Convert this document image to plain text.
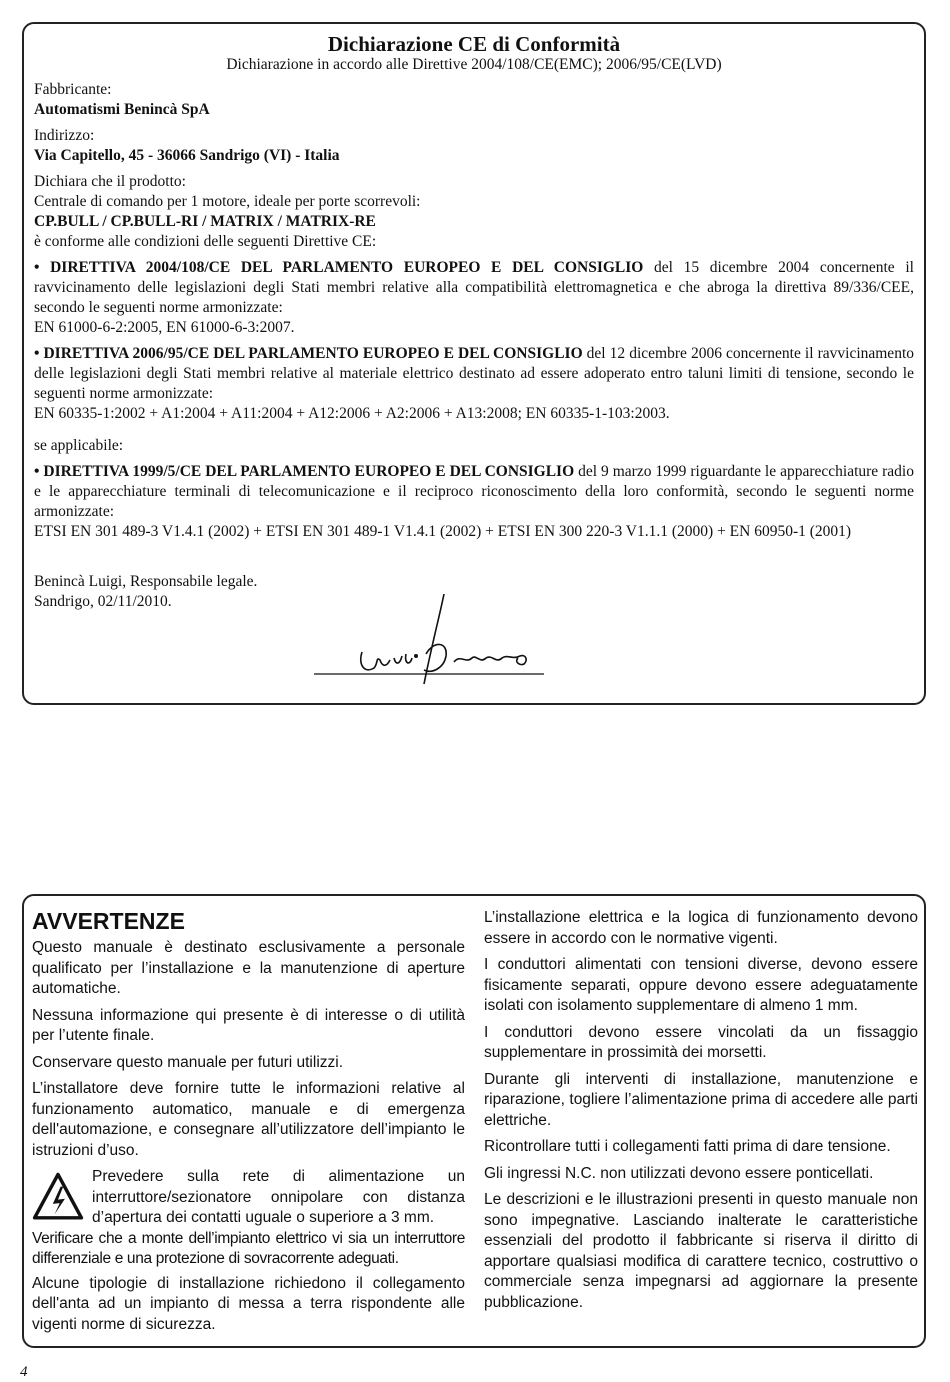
Dichiarazione CE di Conformità
Dichiarazione in accordo alle Direttive 2004/108/CE(EMC); 2006/95/CE(LVD)

Fabbricante:

Automatismi Benincà SpA

Indirizzo:

Via Capitello, 45 - 36066 Sandrigo (VI) - Italia

Dichiara che il prodotto:

Centrale di comando per 1 motore, ideale per porte scorrevoli:

CP.BULL / CP.BULL-RI / MATRIX / MATRIX-RE

è conforme alle condizioni delle seguenti Direttive CE:

• DIRETTIVA 2004/108/CE DEL PARLAMENTO EUROPEO E DEL CONSIGLIO del 15 dicembre 2004 concernente il ravvicinamento delle legislazioni degli Stati membri relative alla compatibilità elettromagnetica e che abroga la direttiva 89/336/CEE, secondo le seguenti norme armonizzate:

EN 61000-6-2:2005, EN 61000-6-3:2007.

• DIRETTIVA 2006/95/CE DEL PARLAMENTO EUROPEO E DEL CONSIGLIO del 12 dicembre 2006 concernente il ravvicinamento delle legislazioni degli Stati membri relative al materiale elettrico destinato ad essere adoperato entro taluni limiti di tensione, secondo le seguenti norme armonizzate:

EN 60335-1:2002 + A1:2004 + A11:2004 + A12:2006 + A2:2006 + A13:2008; EN 60335-1-103:2003.

se applicabile:

• DIRETTIVA 1999/5/CE DEL PARLAMENTO EUROPEO E DEL CONSIGLIO del 9 marzo 1999 riguardante le apparecchiature radio e le apparecchiature terminali di telecomunicazione e il reciproco riconoscimento della loro conformità, secondo le seguenti norme armonizzate:

ETSI EN 301 489-3 V1.4.1 (2002) + ETSI EN 301 489-1 V1.4.1 (2002) + ETSI EN 300 220-3 V1.1.1 (2000) + EN 60950-1 (2001)

Benincà Luigi, Responsabile legale.

Sandrigo, 02/11/2010.

AVVERTENZE

Questo manuale è destinato esclusivamente a personale qualificato per l’installazione e la manutenzione di aperture automatiche.

Nessuna informazione qui presente è di interesse o di utilità per l’utente finale.

Conservare questo manuale per futuri utilizzi.

L’installatore deve fornire tutte le informazioni relative al funzionamento automatico, manuale e di emergenza dell'automazione, e consegnare all’utilizzatore dell’impianto le istruzioni d’uso.

Prevedere sulla rete di alimentazione un interruttore/sezionatore onnipolare con distanza d’apertura dei contatti uguale o superiore a 3 mm.

Verificare che a monte dell’impianto elettrico vi sia un interruttore differenziale e una protezione di sovracorrente adeguati.

Alcune tipologie di installazione richiedono il collegamento dell'anta ad un impianto di messa a terra rispondente alle vigenti norme di sicurezza.

L’installazione elettrica e la logica di funzionamento devono essere in accordo con le normative vigenti.

I conduttori alimentati con tensioni diverse, devono essere fisicamente separati, oppure devono essere adeguatamente isolati con isolamento supplementare di almeno 1 mm.

I conduttori devono essere vincolati da un fissaggio supplementare in prossimità dei morsetti.

Durante gli interventi di installazione, manutenzione e riparazione, togliere l’alimentazione prima di accedere alle parti elettriche.

Ricontrollare tutti i collegamenti fatti prima di dare tensione.

Gli ingressi N.C. non utilizzati devono essere ponticellati.

Le descrizioni e le illustrazioni presenti in questo manuale non sono impegnative. Lasciando inalterate le caratteristiche essenziali del prodotto il fabbricante si riserva il diritto di apportare qualsiasi modifica di carattere tecnico, costruttivo o commerciale senza impegnarsi ad aggiornare la presente pubblicazione.

4
